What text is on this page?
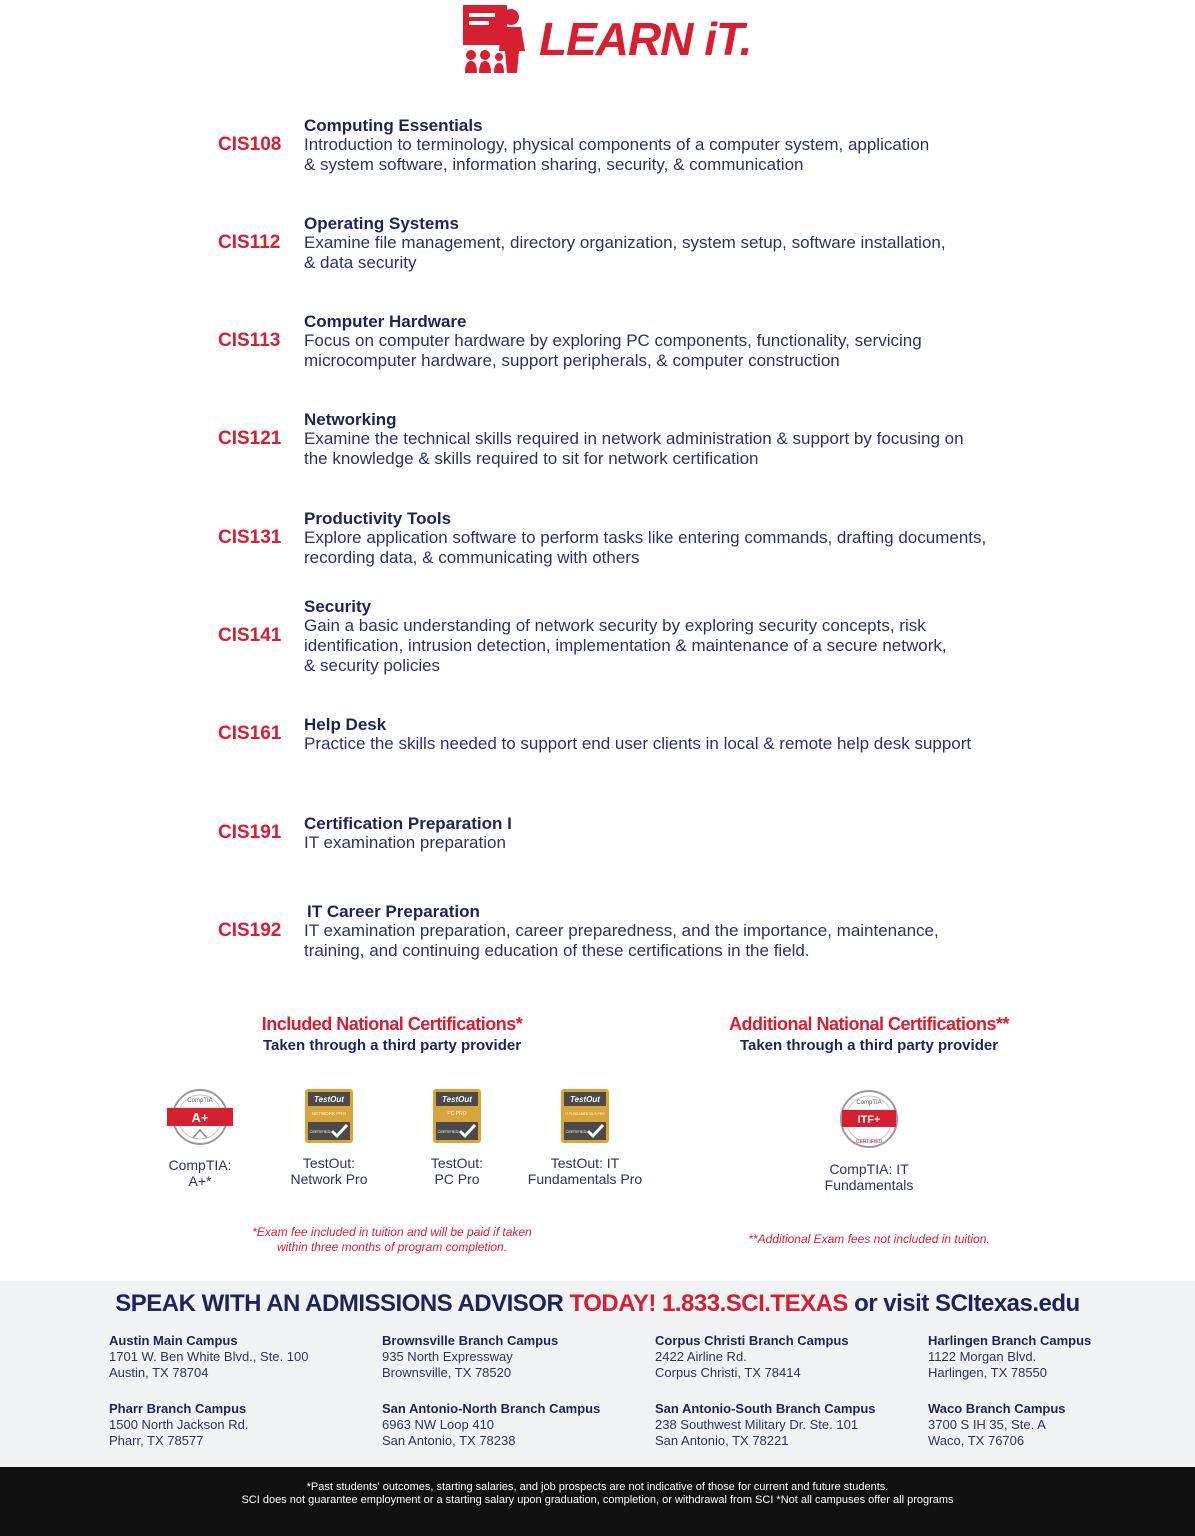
LEARN iT.
CIS108
Computing Essentials
Introduction to terminology, physical components of a computer system, application
& system software, information sharing, security, & communication
CIS112
Operating Systems
Examine file management, directory organization, system setup, software installation,
& data security
CIS113
Computer Hardware
Focus on computer hardware by exploring PC components, functionality, servicing
microcomputer hardware, support peripherals, & computer construction
CIS121
Networking
Examine the technical skills required in network administration & support by focusing on
the knowledge & skills required to sit for network certification
CIS131
Productivity Tools
Explore application software to perform tasks like entering commands, drafting documents,
recording data, & communicating with others
CIS141
Security
Gain a basic understanding of network security by exploring security concepts, risk
identification, intrusion detection, implementation & maintenance of a secure network,
& security policies
CIS161 Help Desk
Practice the skills needed to support end user clients in local & remote help desk support
CIS191 Certification Preparation I
IT examination preparation
CIS192
IT Career Preparation
IT examination preparation, career preparedness, and the importance, maintenance,
training, and continuing education of these certifications in the field.
Included National Certifications*
Taken through a third party provider
Additional National Certifications**
Taken through a third party provider
CompTIA
A+
CompTIA:
A+*
TestOut
NETWORK PRO
CERTIFIED
TestOut:
Network Pro
TestOut
PC PRO
CERTIFIED
TestOut:
PC Pro
TestOut
IT FUNDAMENTALS PRO
CERTIFIED
TestOut: IT
Fundamentals Pro
CompTIA
ITF+
CERTIFIED
CompTIA: IT
Fundamentals
*Exam fee included in tuition and will be paid if taken
within three months of program completion.
**Additional Exam fees not included in tuition.
SPEAK WITH AN ADMISSIONS ADVISOR TODAY! 1.833.SCI.TEXAS or visit SCItexas.edu
Austin Main Campus
1701 W. Ben White Blvd., Ste. 100
Austin, TX 78704
Brownsville Branch Campus
935 North Expressway
Brownsville, TX 78520
Corpus Christi Branch Campus
2422 Airline Rd.
Corpus Christi, TX 78414
Harlingen Branch Campus
1122 Morgan Blvd.
Harlingen, TX 78550
Pharr Branch Campus
1500 North Jackson Rd.
Pharr, TX 78577
San Antonio-North Branch Campus
6963 NW Loop 410
San Antonio, TX 78238
San Antonio-South Branch Campus
238 Southwest Military Dr. Ste. 101
San Antonio, TX 78221
Waco Branch Campus
3700 S IH 35, Ste. A
Waco, TX 76706
*Past students' outcomes, starting salaries, and job prospects are not indicative of those for current and future students.
SCI does not guarantee employment or a starting salary upon graduation, completion, or withdrawal from SCI *Not all campuses offer all programs
